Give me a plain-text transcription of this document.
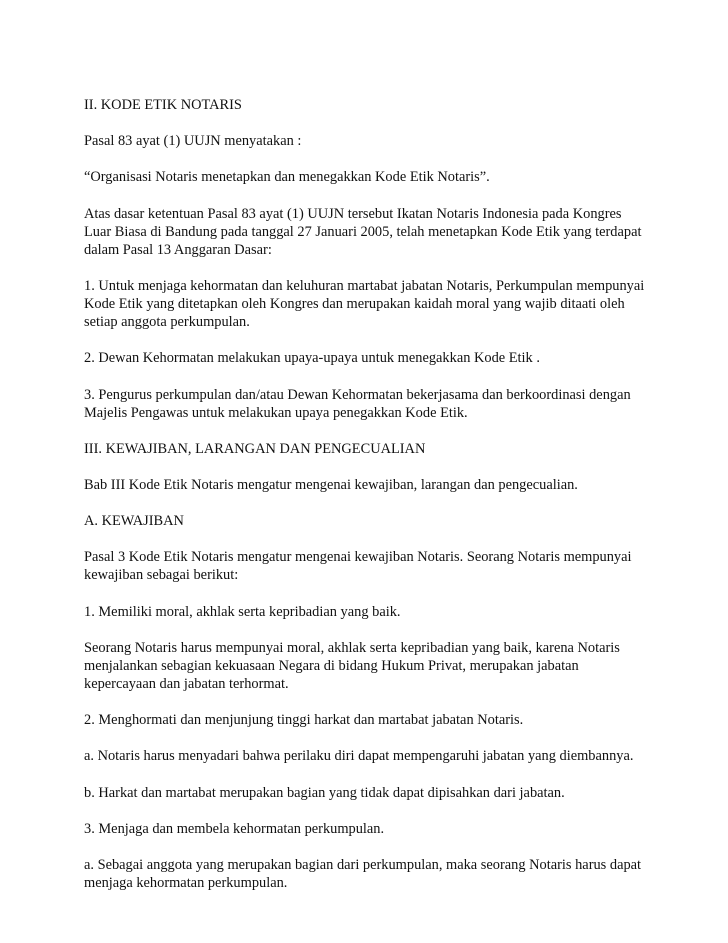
II. KODE ETIK NOTARIS

Pasal 83 ayat (1) UUJN menyatakan :

“Organisasi Notaris menetapkan dan menegakkan Kode Etik Notaris”.

Atas dasar ketentuan Pasal 83 ayat (1) UUJN tersebut Ikatan Notaris Indonesia pada Kongres
Luar Biasa di Bandung pada tanggal 27 Januari 2005, telah menetapkan Kode Etik yang terdapat
dalam Pasal 13 Anggaran Dasar:

1. Untuk menjaga kehormatan dan keluhuran martabat jabatan Notaris, Perkumpulan mempunyai
Kode Etik yang ditetapkan oleh Kongres dan merupakan kaidah moral yang wajib ditaati oleh
setiap anggota perkumpulan.

2. Dewan Kehormatan melakukan upaya-upaya untuk menegakkan Kode Etik .

3. Pengurus perkumpulan dan/atau Dewan Kehormatan bekerjasama dan berkoordinasi dengan
Majelis Pengawas untuk melakukan upaya penegakkan Kode Etik.

III. KEWAJIBAN, LARANGAN DAN PENGECUALIAN

Bab III Kode Etik Notaris mengatur mengenai kewajiban, larangan dan pengecualian.

A. KEWAJIBAN

Pasal 3 Kode Etik Notaris mengatur mengenai kewajiban Notaris. Seorang Notaris mempunyai
kewajiban sebagai berikut:

1. Memiliki moral, akhlak serta kepribadian yang baik.

Seorang Notaris harus mempunyai moral, akhlak serta kepribadian yang baik, karena Notaris
menjalankan sebagian kekuasaan Negara di bidang Hukum Privat, merupakan jabatan
kepercayaan dan jabatan terhormat.

2. Menghormati dan menjunjung tinggi harkat dan martabat jabatan Notaris.

a. Notaris harus menyadari bahwa perilaku diri dapat mempengaruhi jabatan yang diembannya.

b. Harkat dan martabat merupakan bagian yang tidak dapat dipisahkan dari jabatan.

3. Menjaga dan membela kehormatan perkumpulan.

a. Sebagai anggota yang merupakan bagian dari perkumpulan, maka seorang Notaris harus dapat
menjaga kehormatan perkumpulan.
